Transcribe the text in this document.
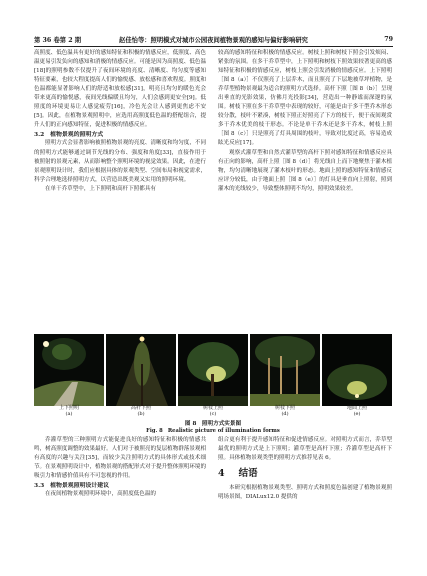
第 36 卷第 2 期	赵佳怡等：照明模式对城市公园夜间植物景观的感知与偏好影响研究	79

高照度、低色温具有更好的感知特征和积极的情感反应，低照度、高色温更易引发负向的感知和消极的情感反应。可能是因为高照度、低色温[18]的照明参数不仅提升了夜间环境的亮度、清晰度、均匀度等感知特征要素，也较大程度提高人们的愉悦感、放松感和喜欢程度。照度和色温都能显著影响人们的舒适和放松感[31]，明亮且均匀的暖色光会带来更高的愉悦感，夜间光线偏暖且均匀，人们会感到更安全[9]。低照度的环境更易让人感觉疲劳[16]，冷色光会让人感到更焦虑不安[5]。因此，在植物景观照明中，应选用高照度低色温的搭配组合，提升人们的正向感知特征，促进积极的情感反应。

3.2　植物景观的照明方式

照明方式会显著影响被照植物景观的亮度、清晰度和均匀度，不同的照明方式能够通过调节光线的分布、强度和角度[33]，直接作用于被照射的景观元素，从而影响整个照明环境的视觉效果。因此，在进行景观照明设计时，我们应根据具体的景观类型、空间布局和视觉需求，科学合理地选择照明方式，以营造出既美观又实用的照明环境。

在单干乔草型中，上下照明和高杆下照都具有

较高的感知特征和积极的情感反应。树枝上照和树枝下照会引发烦闷、紧张的氛围。在多干乔草型中，上下照明和树枝下照效果较著更高的感知特征和积极的情感反应，树枝上照会引发消极的情感反应。上下照明［图 8（a）］不仅照亮了上层乔木，而且照亮了下层地被草坪植物，是乔草型植物景观最为适合的照明方式选择。高杆下照［图 8（b）］呈现出垂直的光影效果，仿佛月光投影[34]，营造出一种静谧而深邃的氛围。树枝下照在多干乔草型中表现的较好，可能是由于多干型乔木形态较分散，枝叶不紧凑，树枝下照正好照亮了下方的枝干，便于夜间观赏多干乔木优美的枝干形态。不论是单干乔木还是多干乔木，树枝上照［图 8（c）］只是照亮了灯具周围的枝叶，导致对比度过高，容易造成眩光反应[17]。

观察式灌草型和自然式灌草型的高杆下照对感知特征和情感反应具有正向的影响，高杆上照［图 8（d）］将光线自上而下地聚焦于灌木植物，均匀清晰地展现了灌木枝叶的形态。地面上照的感知特征和情感反应评分较低，由于地面上照［图 8（e）］的灯具是垂直向上照射，照到灌木的光线较少，导致整体照明不均匀，照明效果较差。

上下照明
(a)
高杆下照
(b)
树枝上照
(c)
树枝下照
(d)
地面上照
(e)
图 8　照明方式实景图
Fig. 8　Realistic picture of illumination forms

乔灌草型的三种照明方式能促进良好的感知特征和积极的情感共鸣，树高照度调整的效果最好。人们对于被照亮的复层植物群落景观相有高度的兴趣与关注[35]，而较少关注照明方式的具体形式或技术细节。在景观照明设计中，植物景观的搭配形式对于提升整体照明环境的吸引力和情感价值具有不可忽视的作用。

3.3　植物景观照明设计建议

在夜间植物景观照明环境中，高照度低色温的

组合更有利于提升感知特征和促进情感反应。对照明方式而言，乔草型最优的照明方式是上下照明；灌草型是高杆下照；乔灌草型是高杆下照。具体植物景观类型的照明方式推荐见表 6。

4 结语

本研究根据植物景观类型、照明方式和照度色温创建了植物景观照明场景图，DIALux12.0 提供的
